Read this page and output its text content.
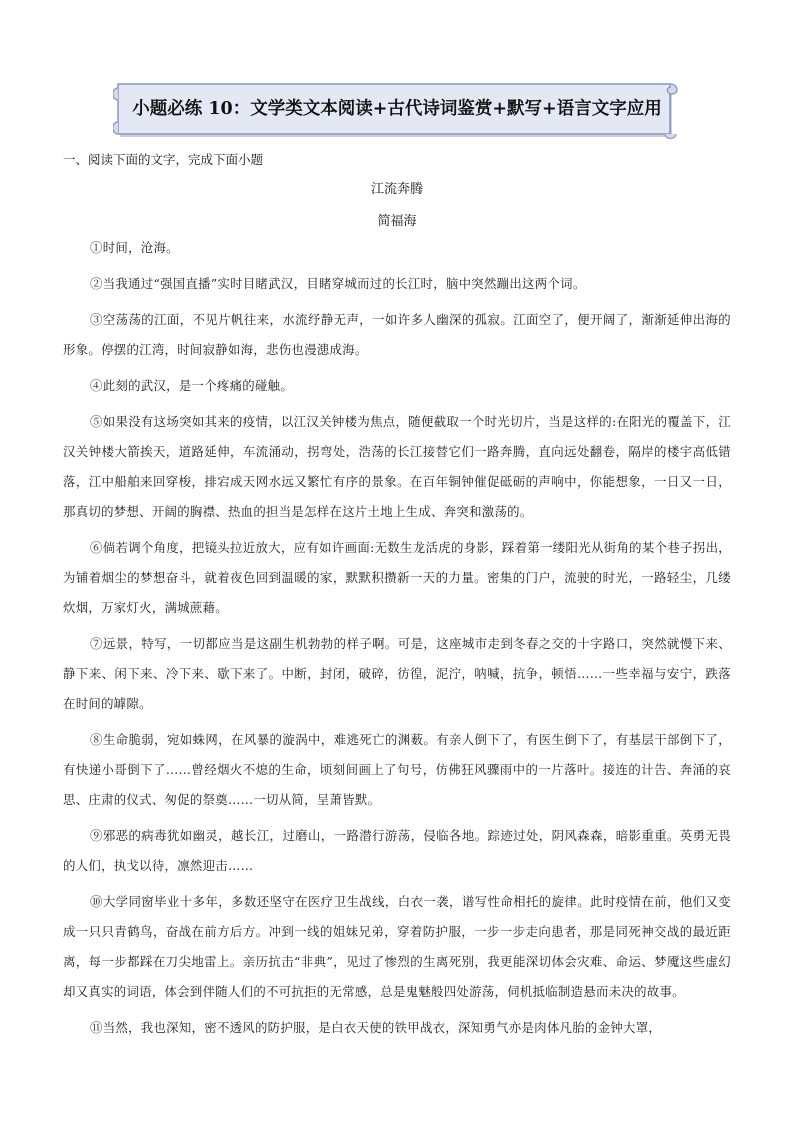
小题必练 10：文学类文本阅读+古代诗词鉴赏+默写+语言文字应用
一、阅读下面的文字，完成下面小题
江流奔腾
简福海

①时间，沧海。

②当我通过“强国直播”实时目睹武汉，目睹穿城而过的长江时，脑中突然蹦出这两个词。

③空荡荡的江面，不见片帆往来，水流纾静无声，一如许多人幽深的孤寂。江面空了，便开阔了，渐渐延伸出海的形象。停摆的江湾，时间寂静如海，悲伤也漫漶成海。

④此刻的武汉，是一个疼痛的碰触。

⑤如果没有这场突如其来的疫情，以江汉关钟楼为焦点，随便截取一个时光切片，当是这样的:在阳光的覆盖下，江汉关钟楼大箭挨天，道路延伸，车流涌动，拐弯处，浩荡的长江接替它们一路奔腾，直向远处翻卷，隔岸的楼宇高低错落，江中船舶来回穿梭，排宕成天网水远又繁忙有序的景象。在百年铜钟催促砥砺的声响中，你能想象，一日又一日，那真切的梦想、开阔的胸襟、热血的担当是怎样在这片土地上生成、奔突和激荡的。

⑥倘若调个角度，把镜头拉近放大，应有如许画面:无数生龙活虎的身影，踩着第一缕阳光从街角的某个巷子拐出，为铺着烟尘的梦想奋斗，就着夜色回到温暖的家，默默积攒新一天的力量。密集的门户，流驶的时光，一路轻尘，几缕炊烟，万家灯火，满城蔗藉。

⑦远景，特写，一切都应当是这副生机勃勃的样子啊。可是，这座城市走到冬春之交的十字路口，突然就慢下来、静下来、闲下来、冷下来、歇下来了。中断，封闭，破碎，彷徨，泥泞，呐喊，抗争，顿悟……一些幸福与安宁，跌落在时间的罅隙。

⑧生命脆弱，宛如蛛网，在风暴的漩涡中，难逃死亡的渊薮。有亲人倒下了，有医生倒下了，有基层干部倒下了，有快递小哥倒下了……曾经烟火不熄的生命，顷刻间画上了句号，仿佛狂风骤雨中的一片落叶。接连的计告、奔涌的哀思、庄肃的仪式、匆促的祭奠……一切从简，呈萧皆默。

⑨邪恶的病毒犹如幽灵，越长江，过磨山，一路潜行游荡，侵临各地。踪迹过处，阴风森森，暗影重重。英勇无畏的人们，执戈以待，凛然迎击……

⑩大学同窗毕业十多年，多数还坚守在医疗卫生战线，白衣一袭，谱写性命相托的旋律。此时疫情在前，他们又变成一只只青鹤鸟，奋战在前方后方。冲到一线的姐妹兄弟，穿着防护服，一步一步走向患者，那是同死神交战的最近距离，每一步都踩在刀尖地雷上。亲历抗击“非典”，见过了惨烈的生离死别，我更能深切体会灾难、命运、梦魇这些虚幻却又真实的词语，体会到伴随人们的不可抗拒的无常感，总是鬼魅般四处游荡，伺机抵临制造悬而未决的故事。

⑪当然，我也深知，密不透风的防护服，是白衣天使的铁甲战衣，深知勇气亦是肉体凡胎的金钟大罩，
